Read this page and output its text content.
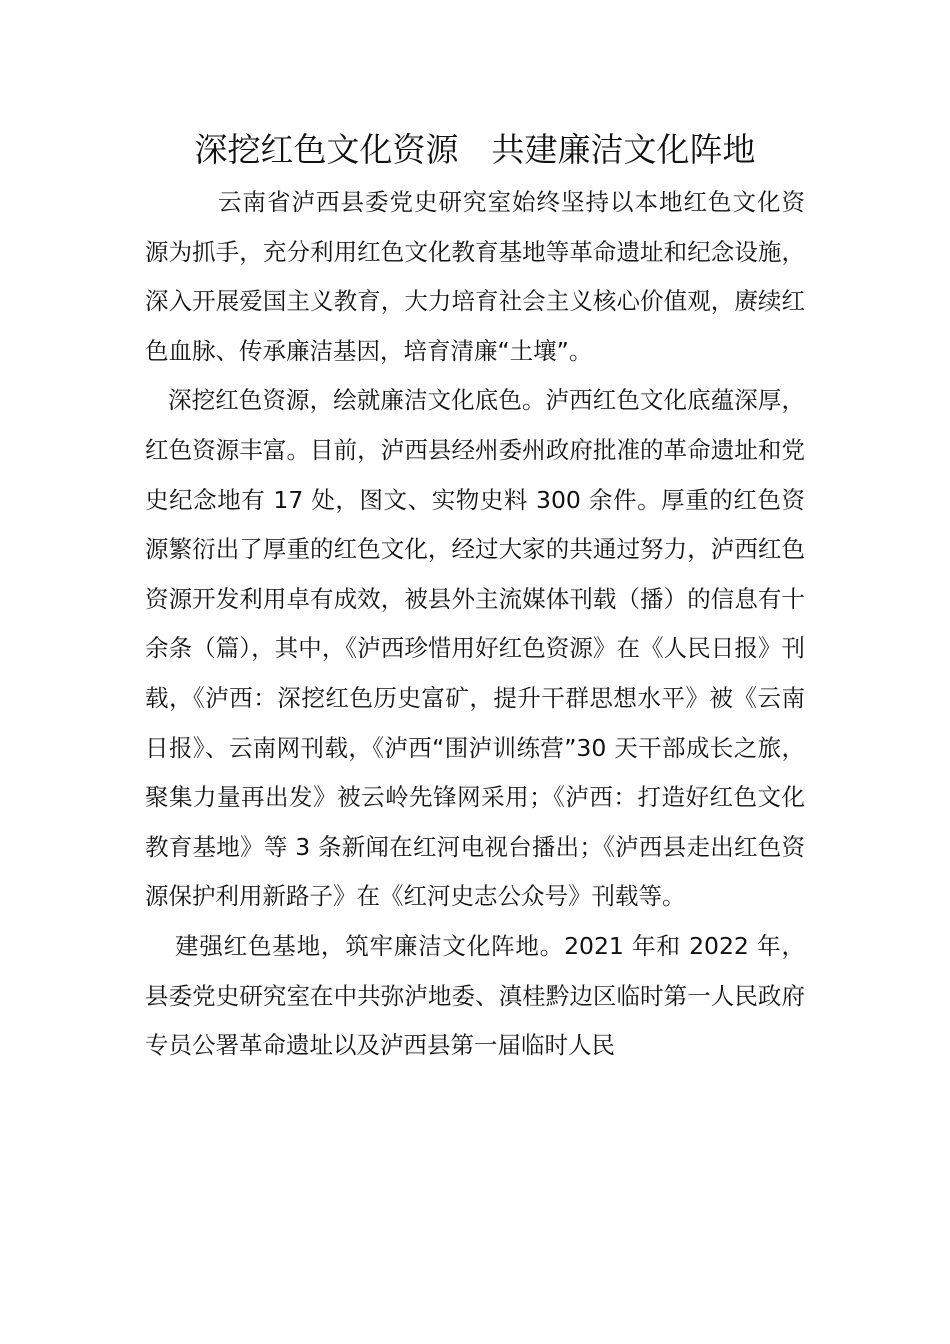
深挖红色文化资源　共建廉洁文化阵地

云南省泸西县委党史研究室始终坚持以本地红色文化资源为抓手，充分利用红色文化教育基地等革命遗址和纪念设施，深入开展爱国主义教育，大力培育社会主义核心价值观，赓续红色血脉、传承廉洁基因，培育清廉“土壤”。

深挖红色资源，绘就廉洁文化底色。泸西红色文化底蕴深厚，红色资源丰富。目前，泸西县经州委州政府批准的革命遗址和党史纪念地有 17 处，图文、实物史料 300 余件。厚重的红色资源繁衍出了厚重的红色文化，经过大家的共通过努力，泸西红色资源开发利用卓有成效，被县外主流媒体刊载（播）的信息有十余条（篇），其中，《泸西珍惜用好红色资源》在《人民日报》刊载，《泸西：深挖红色历史富矿，提升干群思想水平》被《云南日报》、云南网刊载，《泸西“围泸训练营”30 天干部成长之旅，聚集力量再出发》被云岭先锋网采用；《泸西：打造好红色文化教育基地》等 3 条新闻在红河电视台播出；《泸西县走出红色资源保护利用新路子》在《红河史志公众号》刊载等。

建强红色基地，筑牢廉洁文化阵地。2021 年和 2022 年，县委党史研究室在中共弥泸地委、滇桂黔边区临时第一人民政府专员公署革命遗址以及泸西县第一届临时人民
